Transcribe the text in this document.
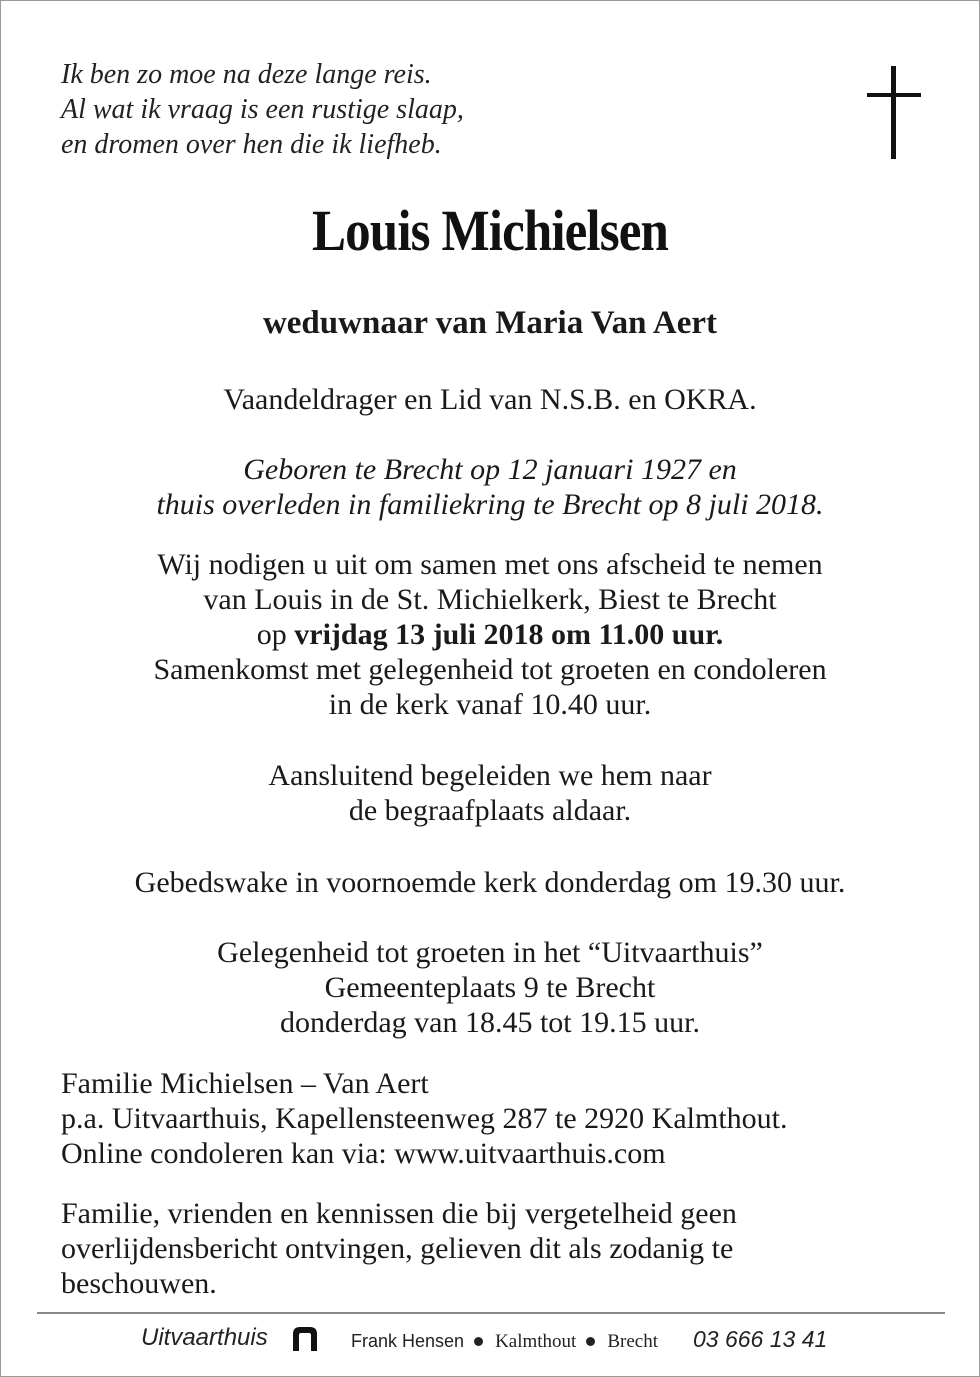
Ik ben zo moe na deze lange reis.
Al wat ik vraag is een rustige slaap,
en dromen over hen die ik liefheb.
Louis Michielsen
weduwnaar van Maria Van Aert
Vaandeldrager en Lid van N.S.B. en OKRA.
Geboren te Brecht op 12 januari 1927 en
thuis overleden in familiekring te Brecht op 8 juli 2018.
Wij nodigen u uit om samen met ons afscheid te nemen
van Louis in de St. Michielkerk, Biest te Brecht
op vrijdag 13 juli 2018 om 11.00 uur.
Samenkomst met gelegenheid tot groeten en condoleren
in de kerk vanaf 10.40 uur.
Aansluitend begeleiden we hem naar
de begraafplaats aldaar.
Gebedswake in voornoemde kerk donderdag om 19.30 uur.
Gelegenheid tot groeten in het “Uitvaarthuis”
Gemeenteplaats 9 te Brecht
donderdag van 18.45 tot 19.15 uur.
Familie Michielsen – Van Aert
p.a. Uitvaarthuis, Kapellensteenweg 287 te 2920 Kalmthout.
Online condoleren kan via: www.uitvaarthuis.com
Familie, vrienden en kennissen die bij vergetelheid geen
overlijdensbericht ontvingen, gelieven dit als zodanig te
beschouwen.
Uitvaarthuis	Frank Hensen Kalmthout Brecht 03 666 13 41
